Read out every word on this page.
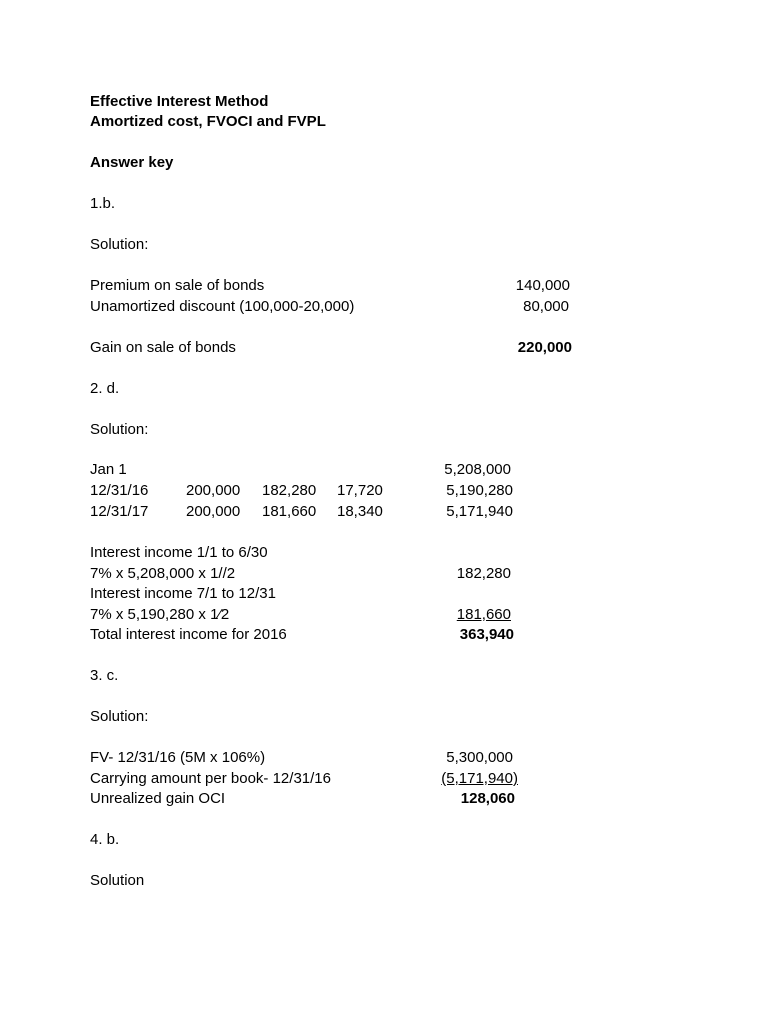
Effective Interest Method
Amortized cost, FVOCI and FVPL
Answer key
1.b.
Solution:
Premium on sale of bonds	140,000
Unamortized discount (100,000-20,000)	80,000
Gain on sale of bonds	220,000
2. d.
Solution:
Jan 1	5,208,000
12/31/16	200,000 182,280 17,720	5,190,280
12/31/17	200,000 181,660 18,340	5,171,940
Interest income 1/1 to 6/30
7% x 5,208,000 x 1//2	182,280
Interest income 7/1 to 12/31
7% x 5,190,280 x 1⁄2	181,660
Total interest income for 2016	363,940
3. c.
Solution:
FV- 12/31/16 (5M x 106%)	5,300,000
Carrying amount per book- 12/31/16	(5,171,940)
Unrealized gain OCI	128,060
4. b.
Solution
